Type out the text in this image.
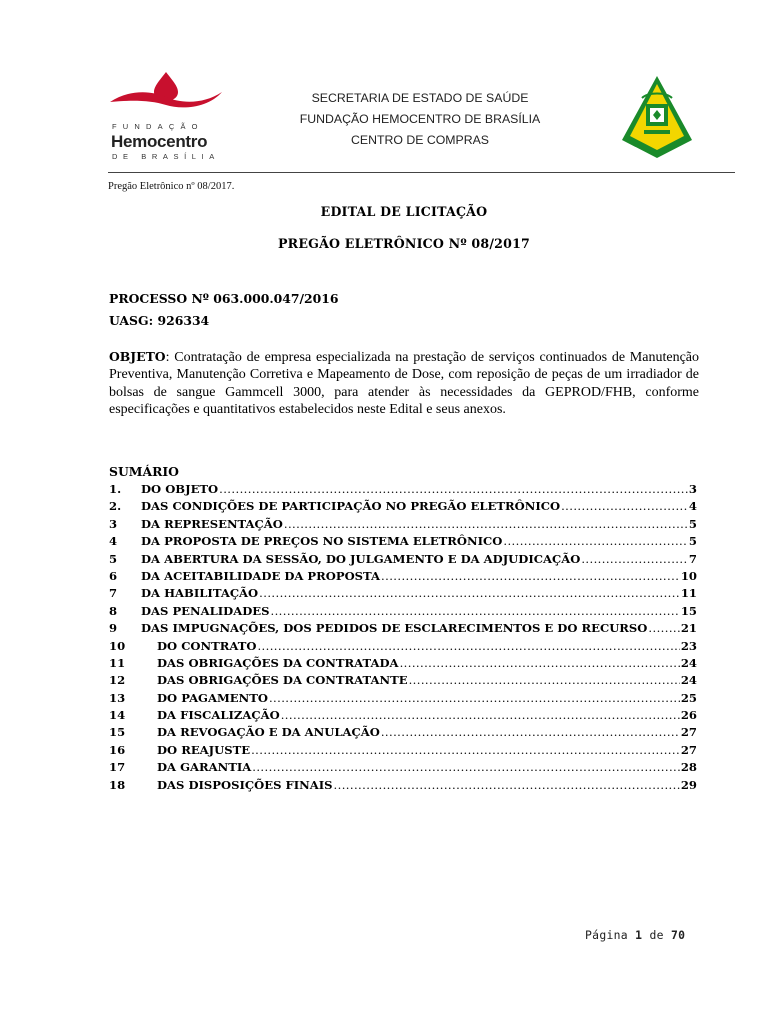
FUNDAÇÃO
Hemocentro
DE BRASÍLIA
SECRETARIA DE ESTADO DE SAÚDE
FUNDAÇÃO HEMOCENTRO DE BRASÍLIA
CENTRO DE COMPRAS
Pregão Eletrônico nº 08/2017.
EDITAL DE LICITAÇÃO
PREGÃO ELETRÔNICO Nº 08/2017
PROCESSO Nº 063.000.047/2016
UASG: 926334
OBJETO: Contratação de empresa especializada na prestação de serviços continuados de Manutenção Preventiva, Manutenção Corretiva e Mapeamento de Dose, com reposição de peças de um irradiador de bolsas de sangue Gammcell 3000, para atender às necessidades da GEPROD/FHB, conforme especificações e quantitativos estabelecidos neste Edital e seus anexos.
SUMÁRIO
1.	DO OBJETO .....	3
2.	DAS CONDIÇÕES DE PARTICIPAÇÃO NO PREGÃO ELETRÔNICO .....	4
3	DA REPRESENTAÇÃO .....	5
4	DA PROPOSTA DE PREÇOS NO SISTEMA ELETRÔNICO .....	5
5	DA ABERTURA DA SESSÃO, DO JULGAMENTO E DA ADJUDICAÇÃO .....	7
6	DA ACEITABILIDADE DA PROPOSTA .....	10
7	DA HABILITAÇÃO .....	11
8	DAS PENALIDADES .....	15
9	DAS IMPUGNAÇÕES, DOS PEDIDOS DE ESCLARECIMENTOS E DO RECURSO .....	21
10	DO CONTRATO .....	23
11	DAS OBRIGAÇÕES DA CONTRATADA .....	24
12	DAS OBRIGAÇÕES DA CONTRATANTE .....	24
13	DO PAGAMENTO .....	25
14	DA FISCALIZAÇÃO .....	26
15	DA REVOGAÇÃO E DA ANULAÇÃO .....	27
16	DO REAJUSTE .....	27
17	DA GARANTIA .....	28
18	DAS DISPOSIÇÕES FINAIS .....	29
Página 1 de 70
